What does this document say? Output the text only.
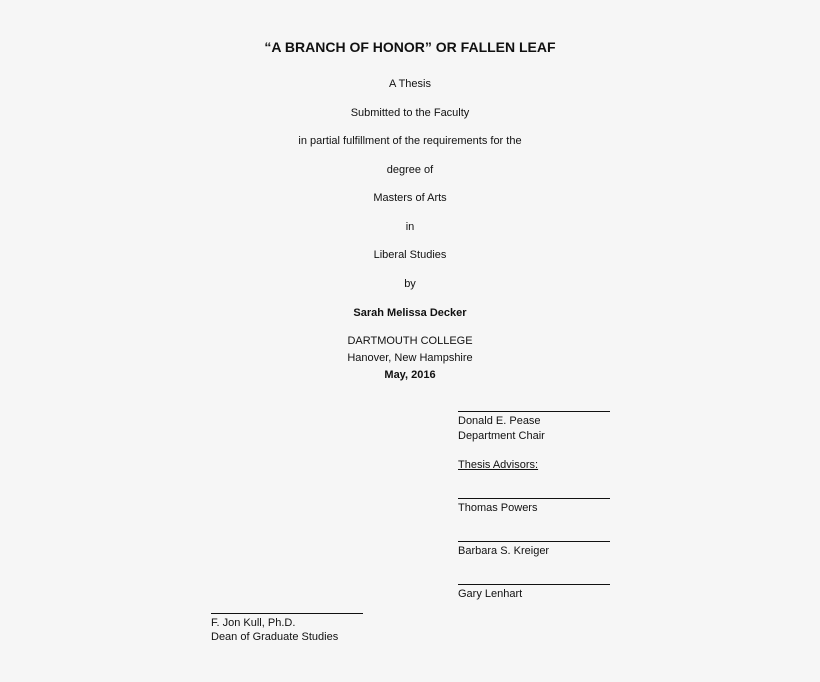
“A BRANCH OF HONOR” OR FALLEN LEAF
A Thesis
Submitted to the Faculty
in partial fulfillment of the requirements for the
degree of
Masters of Arts
in
Liberal Studies
by
Sarah Melissa Decker
DARTMOUTH COLLEGE
Hanover, New Hampshire
May, 2016
Donald E. Pease
Department Chair
Thesis Advisors:
Thomas Powers
Barbara S. Kreiger
Gary Lenhart
F. Jon Kull, Ph.D.
Dean of Graduate Studies
